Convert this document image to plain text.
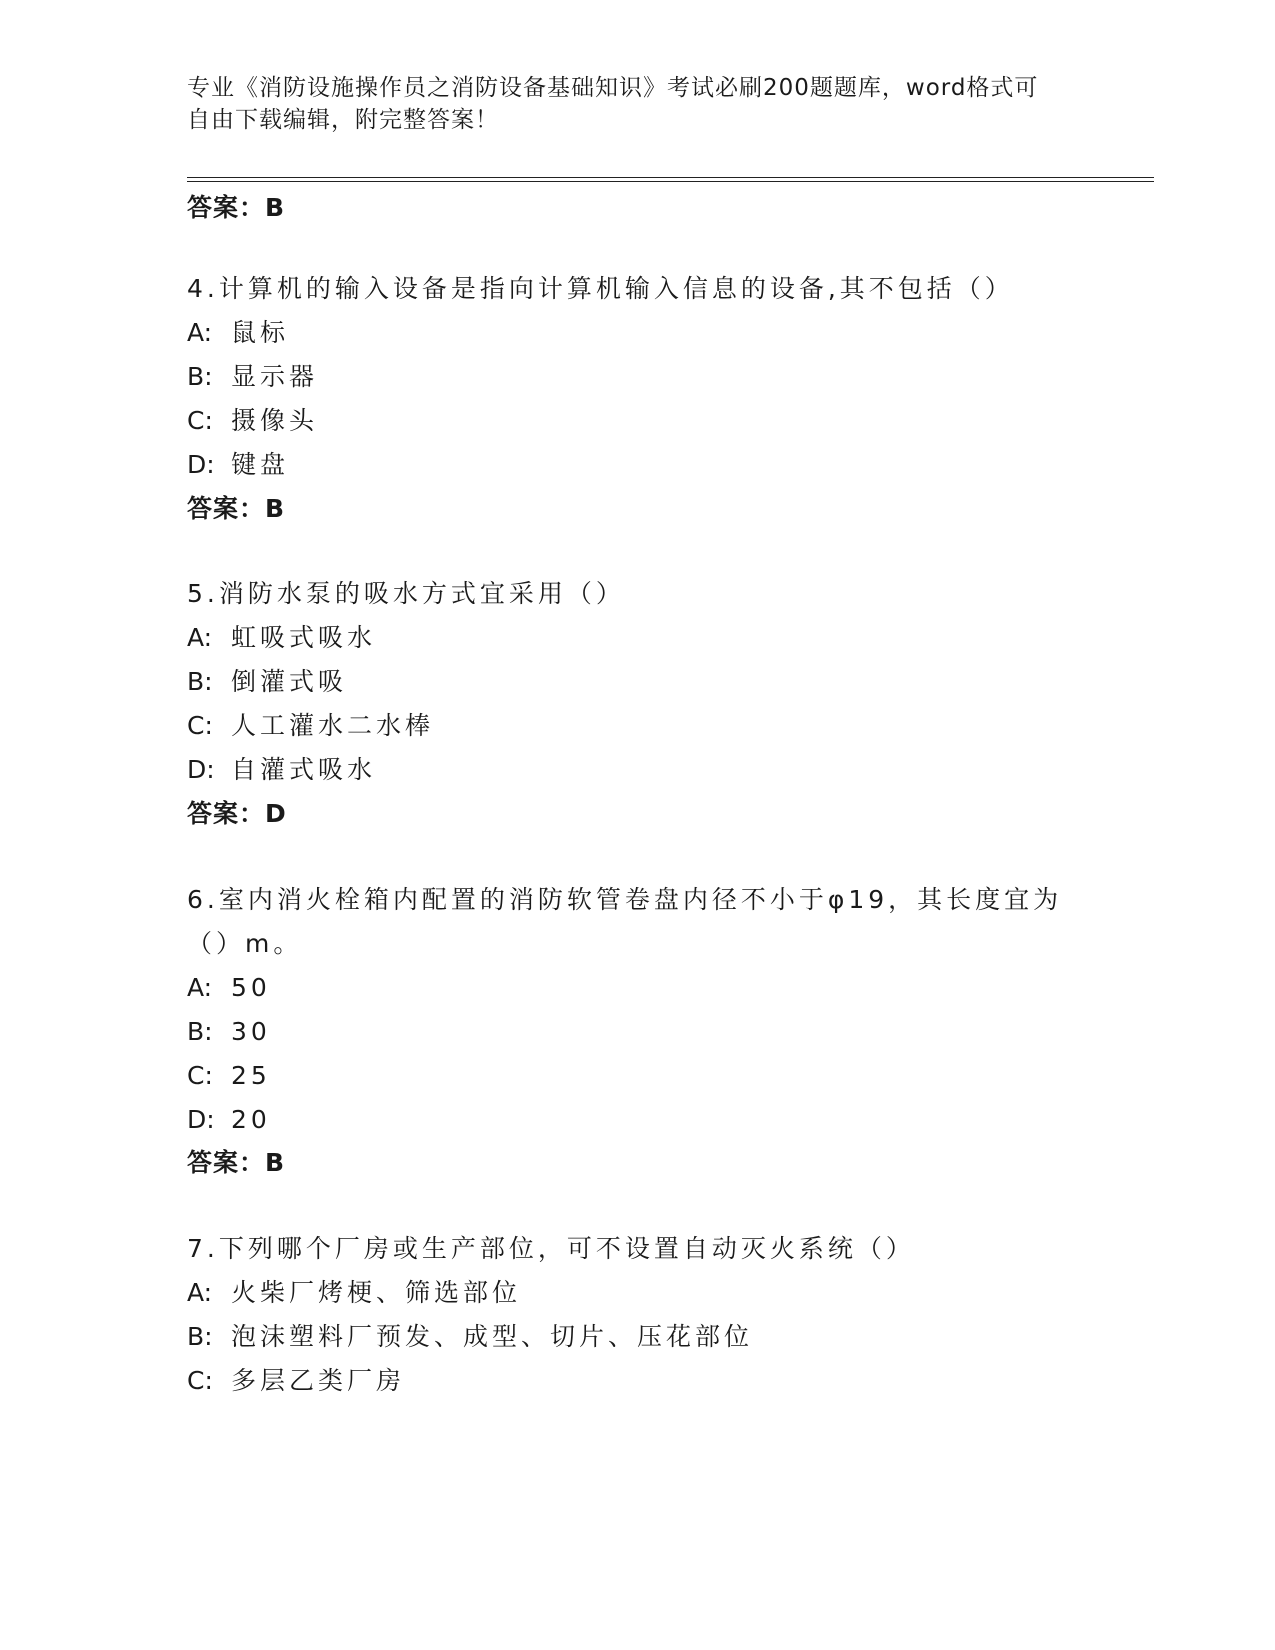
专业《消防设施操作员之消防设备基础知识》考试必刷200题题库，word格式可
自由下载编辑，附完整答案！
答案：B
4.计算机的输入设备是指向计算机输入信息的设备,其不包括（）
A: 鼠标
B: 显示器
C: 摄像头
D: 键盘
答案：B
5.消防水泵的吸水方式宜采用（）
A: 虹吸式吸水
B: 倒灌式吸
C: 人工灌水二水棒
D: 自灌式吸水
答案：D
6.室内消火栓箱内配置的消防软管卷盘内径不小于φ19，其长度宜为
（）m。
A: 50
B: 30
C: 25
D: 20
答案：B
7.下列哪个厂房或生产部位，可不设置自动灭火系统（）
A: 火柴厂烤梗、筛选部位
B: 泡沫塑料厂预发、成型、切片、压花部位
C: 多层乙类厂房
